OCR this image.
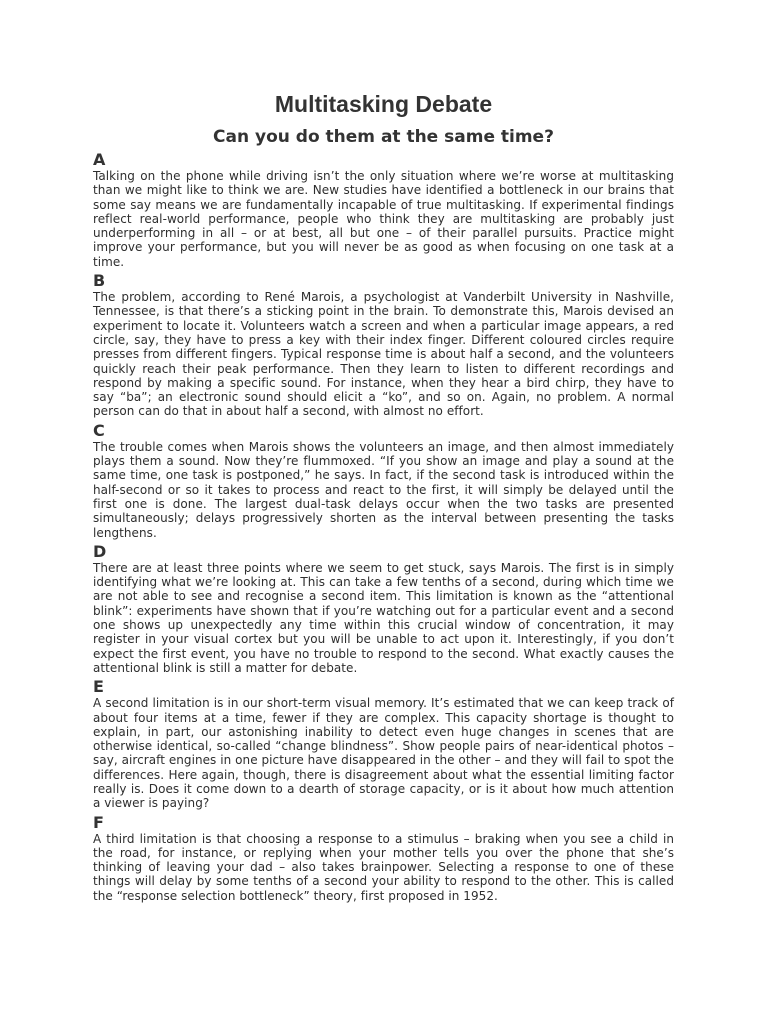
Multitasking Debate
Can you do them at the same time?
A

Talking on the phone while driving isn’t the only situation where we’re worse at multitasking than we might like to think we are. New studies have identified a bottleneck in our brains that some say means we are fundamentally incapable of true multitasking. If experimental findings reflect real-world performance, people who think they are multitasking are probably just underperforming in all – or at best, all but one – of their parallel pursuits. Practice might improve your performance, but you will never be as good as when focusing on one task at a time.

B

The problem, according to René Marois, a psychologist at Vanderbilt University in Nashville, Tennessee, is that there’s a sticking point in the brain. To demonstrate this, Marois devised an experiment to locate it. Volunteers watch a screen and when a particular image appears, a red circle, say, they have to press a key with their index finger. Different coloured circles require presses from different fingers. Typical response time is about half a second, and the volunteers quickly reach their peak performance. Then they learn to listen to different recordings and respond by making a specific sound. For instance, when they hear a bird chirp, they have to say “ba”; an electronic sound should elicit a “ko”, and so on. Again, no problem. A normal person can do that in about half a second, with almost no effort.

C

The trouble comes when Marois shows the volunteers an image, and then almost immediately plays them a sound. Now they’re flummoxed. “If you show an image and play a sound at the same time, one task is postponed,” he says. In fact, if the second task is introduced within the half-second or so it takes to process and react to the first, it will simply be delayed until the first one is done. The largest dual-task delays occur when the two tasks are presented simultaneously; delays progressively shorten as the interval between presenting the tasks lengthens.

D

There are at least three points where we seem to get stuck, says Marois. The first is in simply identifying what we’re looking at. This can take a few tenths of a second, during which time we are not able to see and recognise a second item. This limitation is known as the “attentional blink”: experiments have shown that if you’re watching out for a particular event and a second one shows up unexpectedly any time within this crucial window of concentration, it may register in your visual cortex but you will be unable to act upon it. Interestingly, if you don’t expect the first event, you have no trouble to respond to the second. What exactly causes the attentional blink is still a matter for debate.

E

A second limitation is in our short-term visual memory. It’s estimated that we can keep track of about four items at a time, fewer if they are complex. This capacity shortage is thought to explain, in part, our astonishing inability to detect even huge changes in scenes that are otherwise identical, so-called “change blindness”. Show people pairs of near-identical photos – say, aircraft engines in one picture have disappeared in the other – and they will fail to spot the differences. Here again, though, there is disagreement about what the essential limiting factor really is. Does it come down to a dearth of storage capacity, or is it about how much attention a viewer is paying?

F

A third limitation is that choosing a response to a stimulus – braking when you see a child in the road, for instance, or replying when your mother tells you over the phone that she’s thinking of leaving your dad – also takes brainpower. Selecting a response to one of these things will delay by some tenths of a second your ability to respond to the other. This is called the “response selection bottleneck” theory, first proposed in 1952.
